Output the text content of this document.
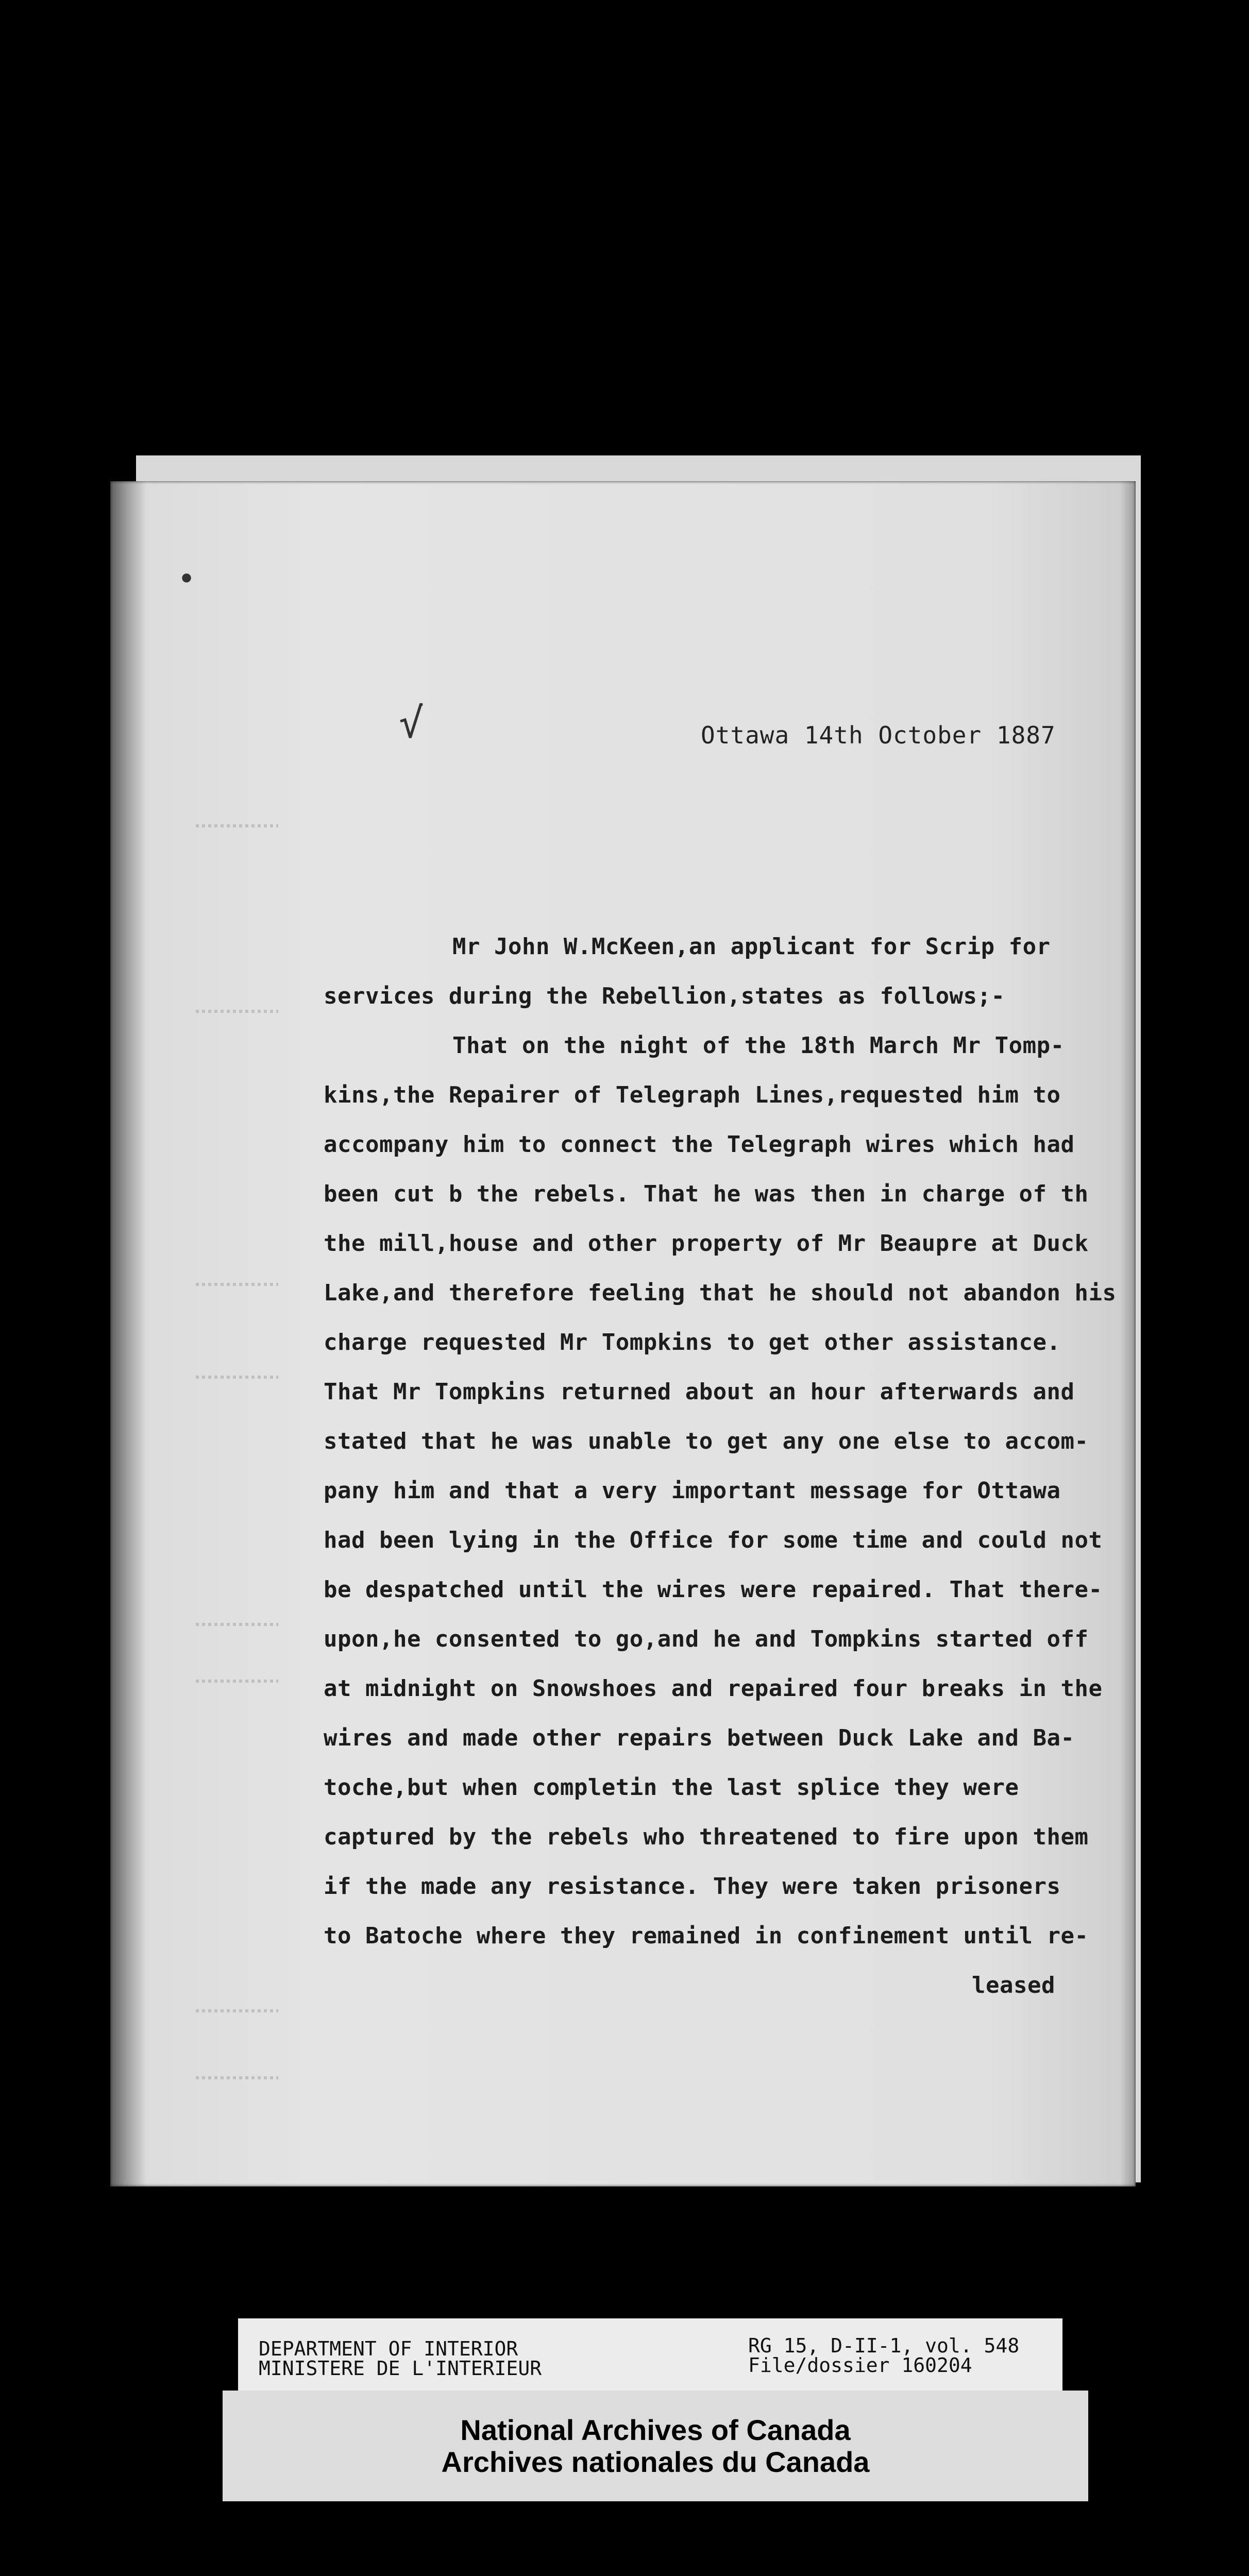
•
√	Ottawa 14th October 1887
Mr John W.McKeen,an applicant for Scrip for
services during the Rebellion,states as follows;-
That on the night of the 18th March Mr Tomp-
kins,the Repairer of Telegraph Lines,requested him to
accompany him to connect the Telegraph wires which had
been cut b the rebels. That he was then in charge of th
the mill,house and other property of Mr Beaupre at Duck
Lake,and therefore feeling that he should not abandon his
charge requested Mr Tompkins to get other assistance.
That Mr Tompkins returned about an hour afterwards and
stated that he was unable to get any one else to accom-
pany him and that a very important message for Ottawa
had been lying in the Office for some time and could not
be despatched until the wires were repaired. That there-
upon,he consented to go,and he and Tompkins started off
at midnight on Snowshoes and repaired four breaks in the
wires and made other repairs between Duck Lake and Ba-
toche,but when completin the last splice they were
captured by the rebels who threatened to fire upon them
if the made any resistance. They were taken prisoners
to Batoche where they remained in confinement until re-
leased
DEPARTMENT OF INTERIOR
MINISTERE DE L'INTERIEUR
RG 15, D-II-1, vol. 548
File/dossier 160204
National Archives of Canada
Archives nationales du Canada
